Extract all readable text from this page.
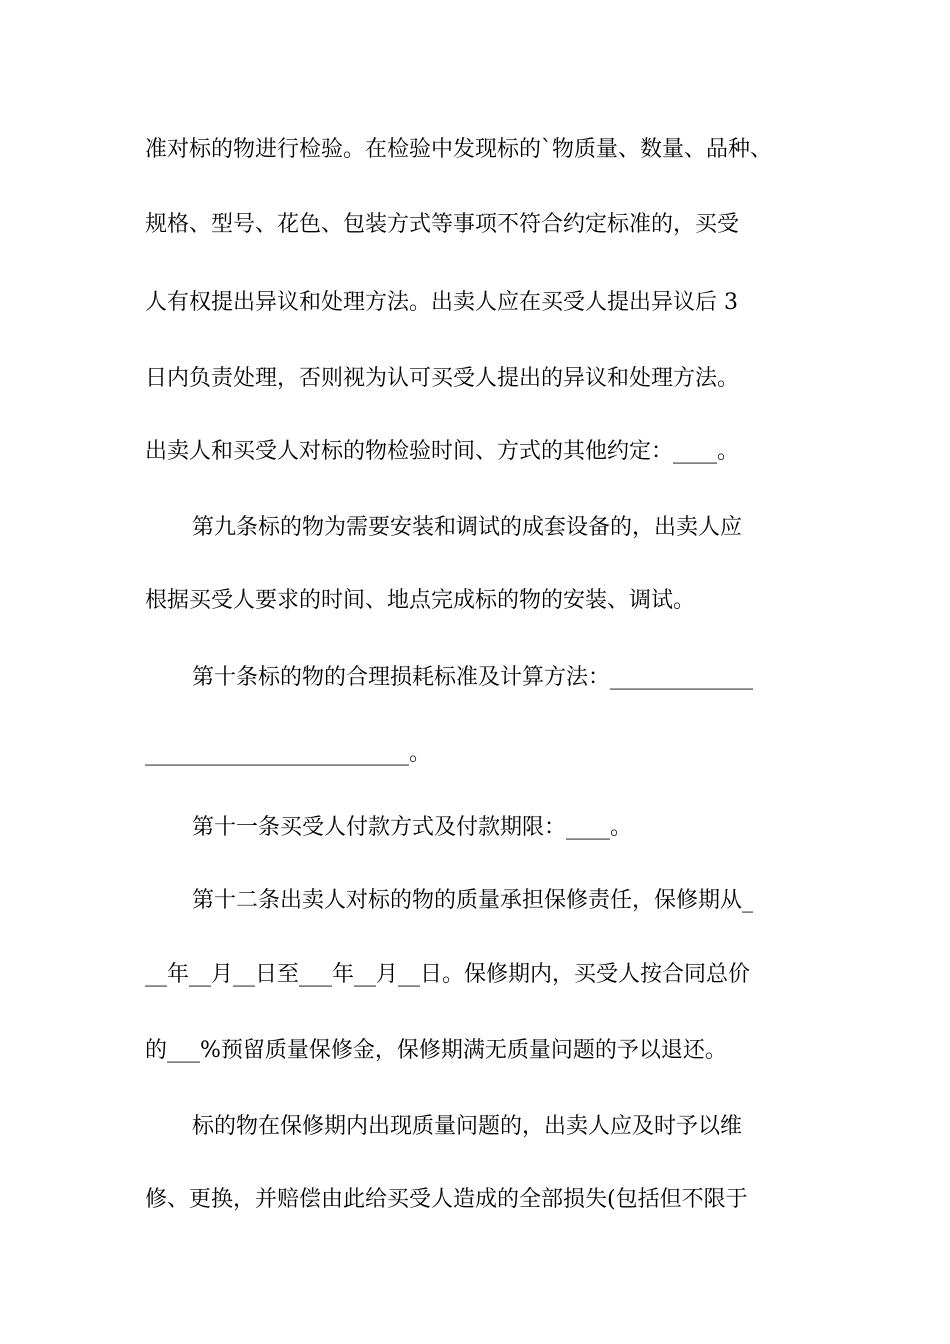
准对标的物进行检验。在检验中发现标的`物质量、数量、品种、
规格、型号、花色、包装方式等事项不符合约定标准的，买受
人有权提出异议和处理方法。出卖人应在买受人提出异议后 3
日内负责处理，否则视为认可买受人提出的异议和处理方法。
出卖人和买受人对标的物检验时间、方式的其他约定：____。
第九条标的物为需要安装和调试的成套设备的，出卖人应
根据买受人要求的时间、地点完成标的物的安装、调试。
第十条标的物的合理损耗标准及计算方法：_____________
________________________。
第十一条买受人付款方式及付款期限：____。
第十二条出卖人对标的物的质量承担保修责任，保修期从_
__年__月__日至___年__月__日。保修期内，买受人按合同总价
的___%预留质量保修金，保修期满无质量问题的予以退还。
标的物在保修期内出现质量问题的，出卖人应及时予以维
修、更换，并赔偿由此给买受人造成的全部损失(包括但不限于
